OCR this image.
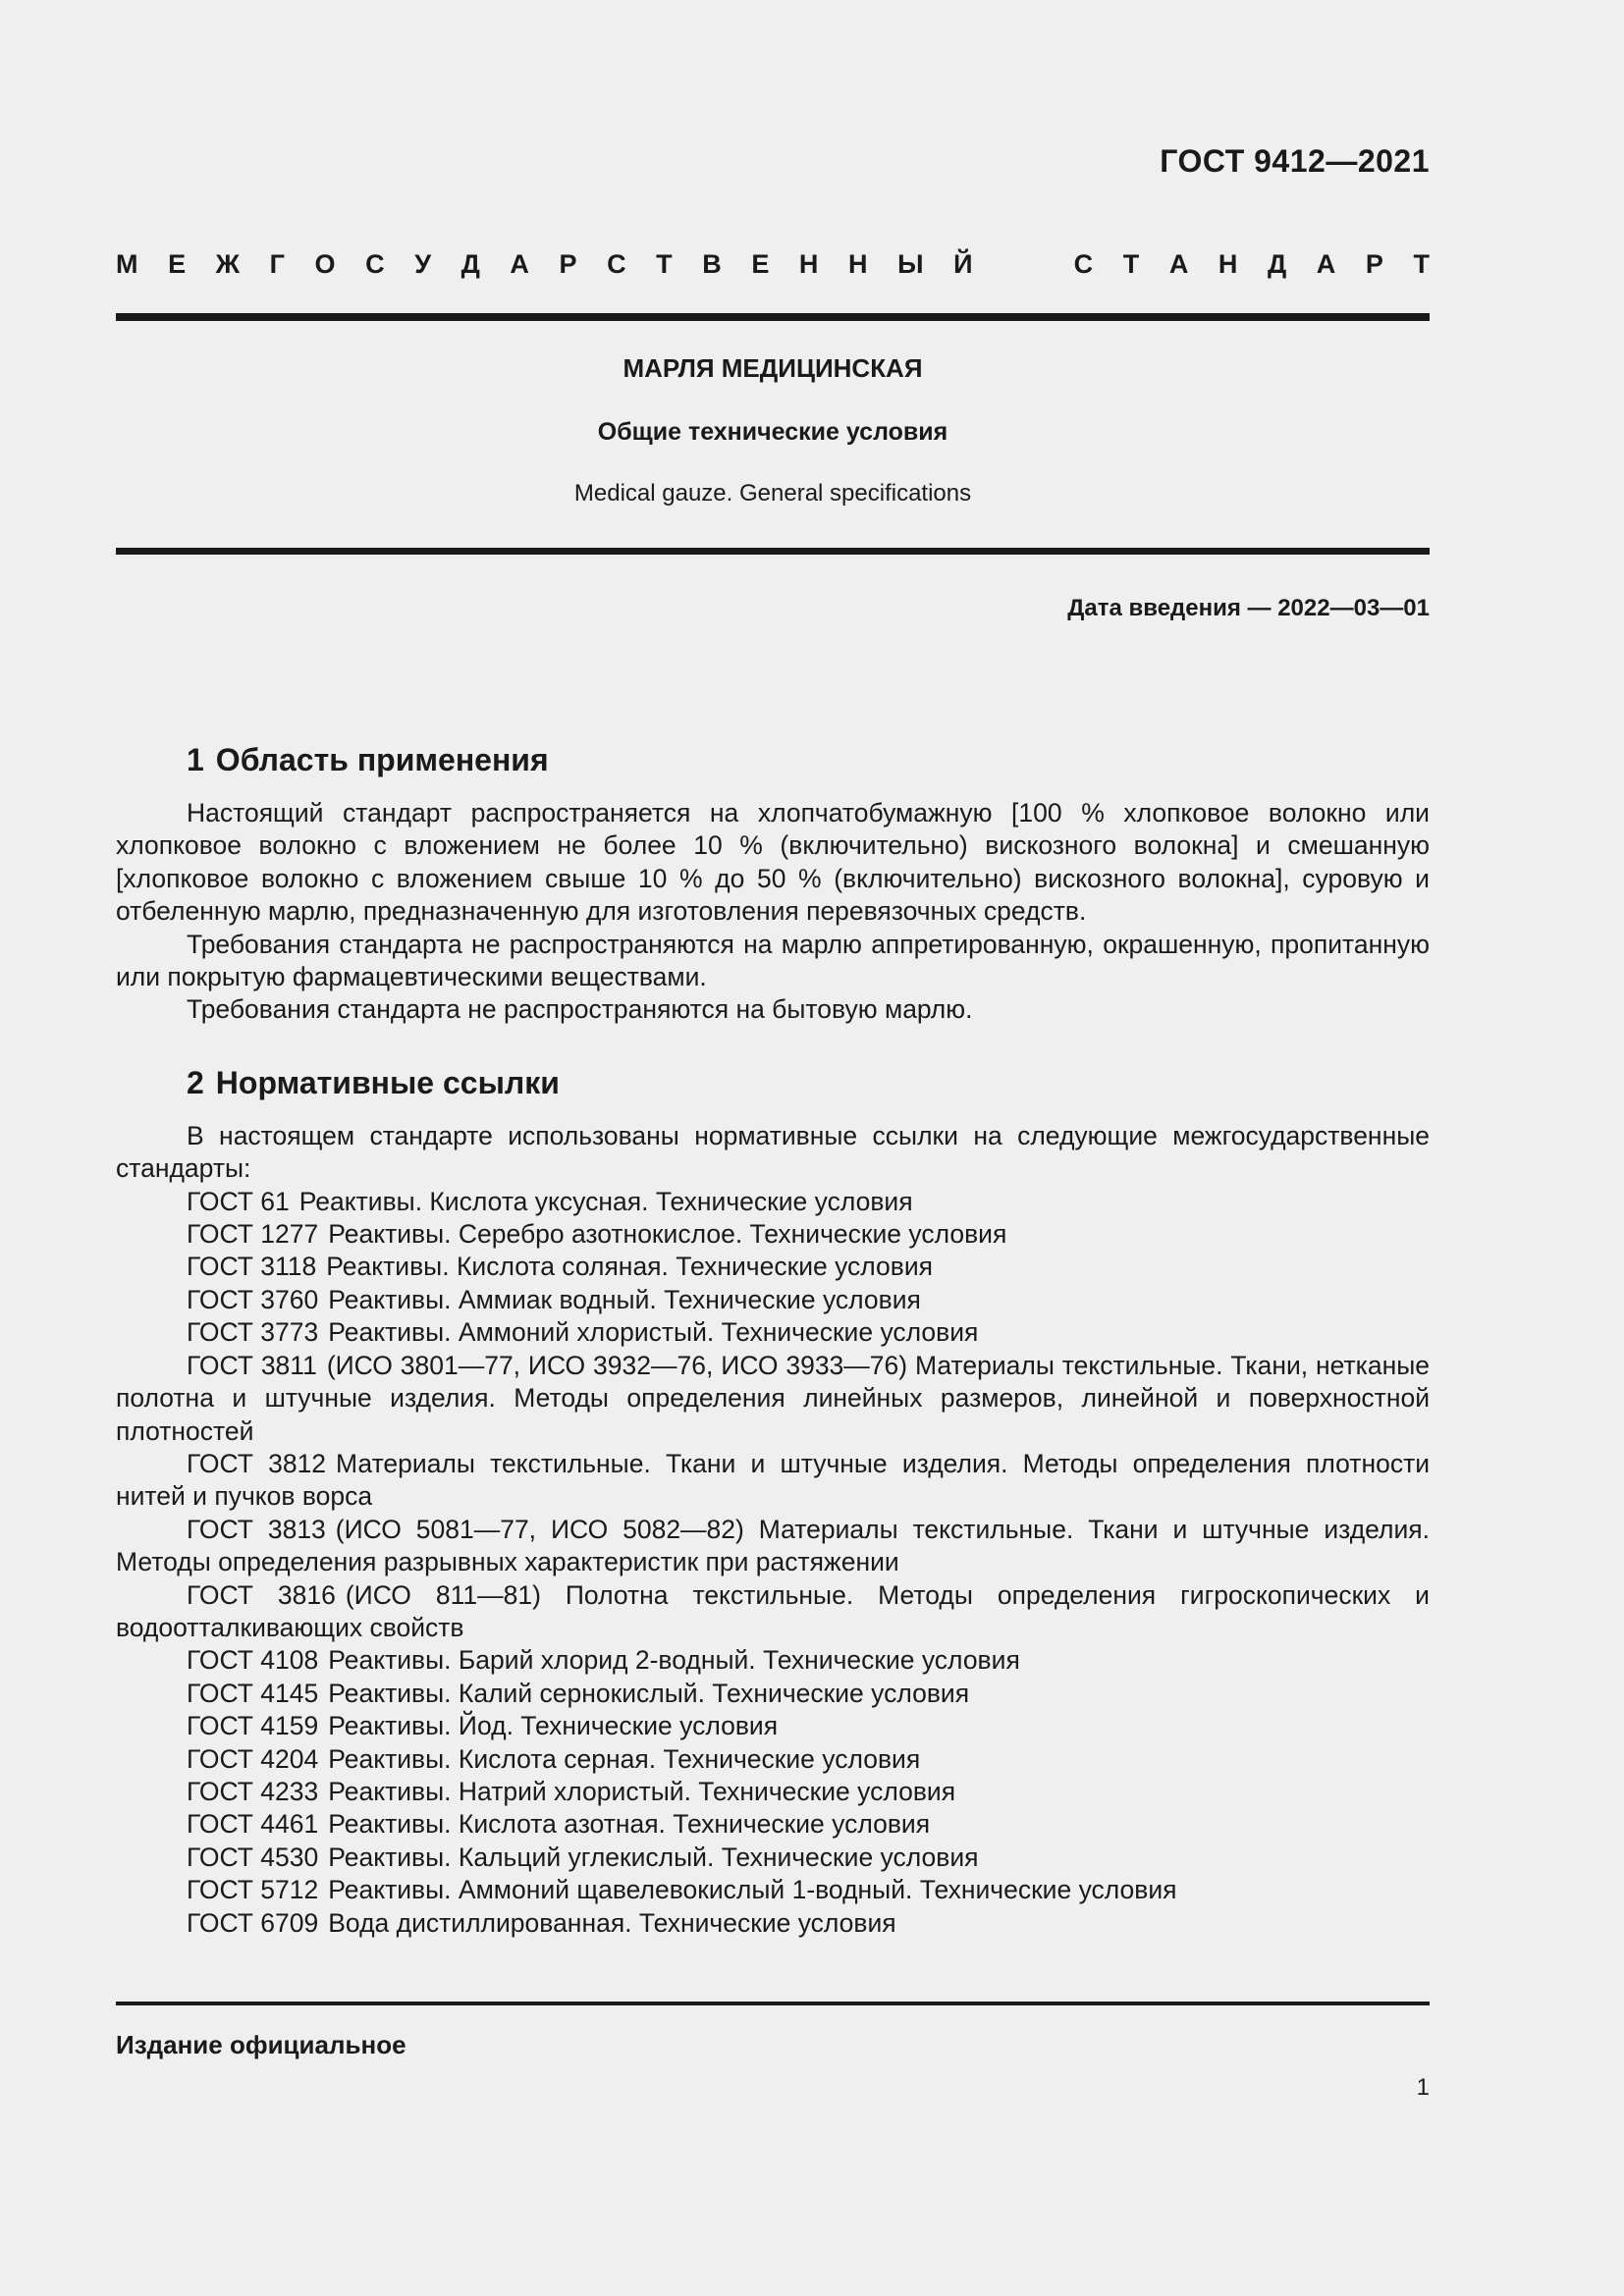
ГОСТ 9412—2021
М Е Ж Г О С У Д А Р С Т В Е Н Н Ы Й	С Т А Н Д А Р Т
МАРЛЯ МЕДИЦИНСКАЯ
Общие технические условия
Medical gauze. General specifications
Дата введения — 2022—03—01
1 Область применения

Настоящий стандарт распространяется на хлопчатобумажную [100 % хлопковое волокно или хлопковое волокно с вложением не более 10 % (включительно) вискозного волокна] и смешанную [хлопковое волокно с вложением свыше 10 % до 50 % (включительно) вискозного волокна], суровую и отбеленную марлю, предназначенную для изготовления перевязочных средств.

Требования стандарта не распространяются на марлю аппретированную, окрашенную, пропитанную или покрытую фармацевтическими веществами.

Требования стандарта не распространяются на бытовую марлю.

2 Нормативные ссылки

В настоящем стандарте использованы нормативные ссылки на следующие межгосударственные стандарты:

ГОСТ 61 Реактивы. Кислота уксусная. Технические условия

ГОСТ 1277 Реактивы. Серебро азотнокислое. Технические условия

ГОСТ 3118 Реактивы. Кислота соляная. Технические условия

ГОСТ 3760 Реактивы. Аммиак водный. Технические условия

ГОСТ 3773 Реактивы. Аммоний хлористый. Технические условия

ГОСТ 3811 (ИСО 3801—77, ИСО 3932—76, ИСО 3933—76) Материалы текстильные. Ткани, нетканые полотна и штучные изделия. Методы определения линейных размеров, линейной и поверхностной плотностей

ГОСТ 3812 Материалы текстильные. Ткани и штучные изделия. Методы определения плотности нитей и пучков ворса

ГОСТ 3813 (ИСО 5081—77, ИСО 5082—82) Материалы текстильные. Ткани и штучные изделия. Методы определения разрывных характеристик при растяжении

ГОСТ 3816 (ИСО 811—81) Полотна текстильные. Методы определения гигроскопических и водоотталкивающих свойств

ГОСТ 4108 Реактивы. Барий хлорид 2-водный. Технические условия

ГОСТ 4145 Реактивы. Калий сернокислый. Технические условия

ГОСТ 4159 Реактивы. Йод. Технические условия

ГОСТ 4204 Реактивы. Кислота серная. Технические условия

ГОСТ 4233 Реактивы. Натрий хлористый. Технические условия

ГОСТ 4461 Реактивы. Кислота азотная. Технические условия

ГОСТ 4530 Реактивы. Кальций углекислый. Технические условия

ГОСТ 5712 Реактивы. Аммоний щавелевокислый 1-водный. Технические условия

ГОСТ 6709 Вода дистиллированная. Технические условия

Издание официальное
1
